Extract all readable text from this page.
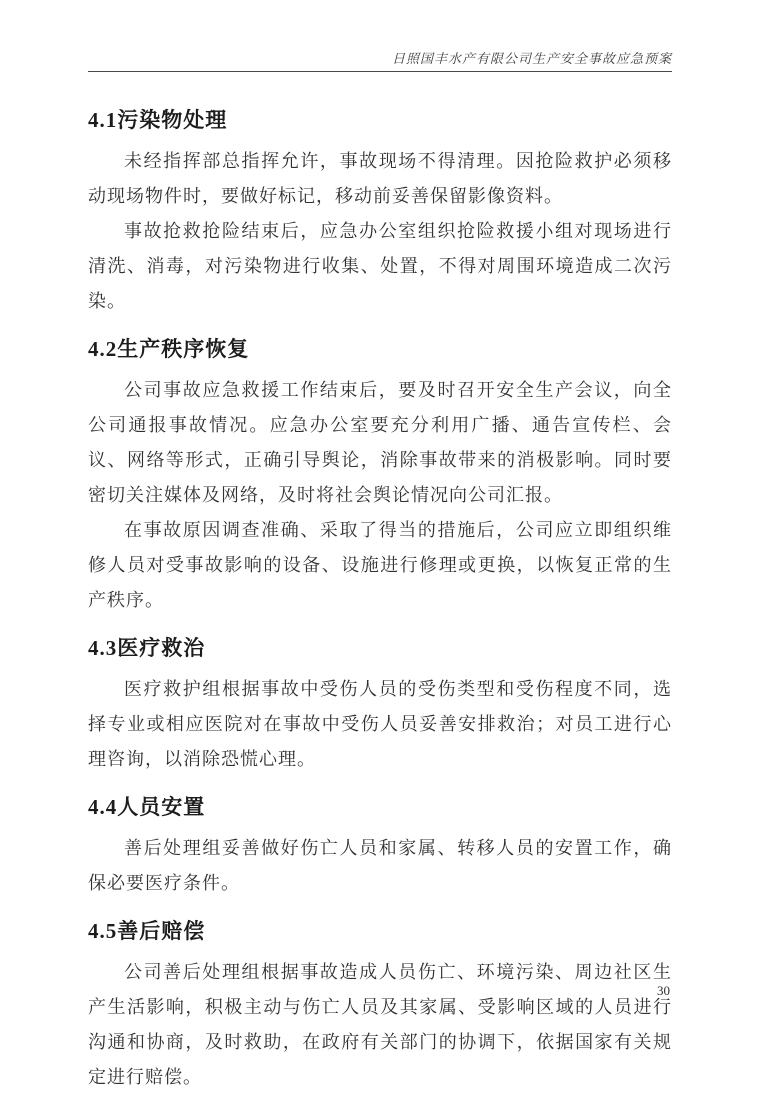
日照国丰水产有限公司生产安全事故应急预案
4.1污染物处理

未经指挥部总指挥允许，事故现场不得清理。因抢险救护必须移动现场物件时，要做好标记，移动前妥善保留影像资料。

事故抢救抢险结束后，应急办公室组织抢险救援小组对现场进行清洗、消毒，对污染物进行收集、处置，不得对周围环境造成二次污染。

4.2生产秩序恢复

公司事故应急救援工作结束后，要及时召开安全生产会议，向全公司通报事故情况。应急办公室要充分利用广播、通告宣传栏、会议、网络等形式，正确引导舆论，消除事故带来的消极影响。同时要密切关注媒体及网络，及时将社会舆论情况向公司汇报。

在事故原因调查准确、采取了得当的措施后，公司应立即组织维修人员对受事故影响的设备、设施进行修理或更换，以恢复正常的生产秩序。

4.3医疗救治

医疗救护组根据事故中受伤人员的受伤类型和受伤程度不同，选择专业或相应医院对在事故中受伤人员妥善安排救治；对员工进行心理咨询，以消除恐慌心理。

4.4人员安置

善后处理组妥善做好伤亡人员和家属、转移人员的安置工作，确保必要医疗条件。

4.5善后赔偿

公司善后处理组根据事故造成人员伤亡、环境污染、周边社区生产生活影响，积极主动与伤亡人员及其家属、受影响区域的人员进行沟通和协商，及时救助，在政府有关部门的协调下，依据国家有关规定进行赔偿。

30
